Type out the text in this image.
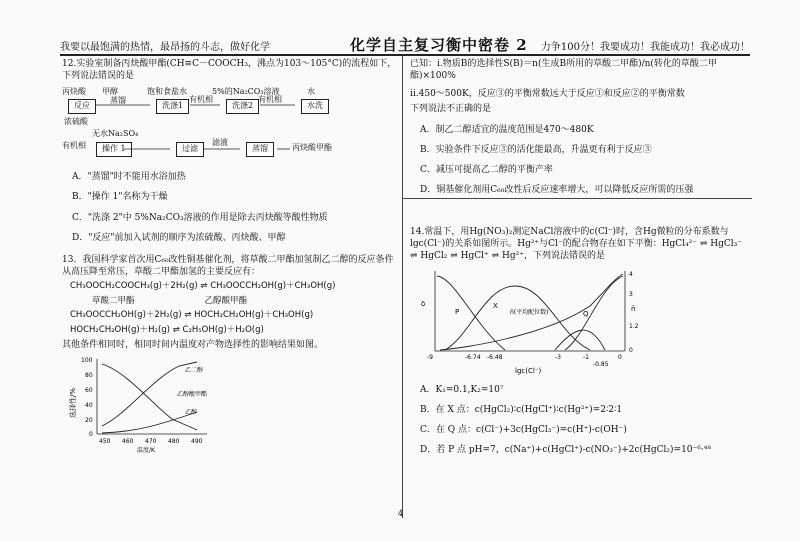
我要以最饱满的热情，最昂扬的斗志，做好化学	化学自主复习衡中密卷 2 力争100分！我要成功！我能成功！我必成功！
12.实验室制备丙炔酸甲酯(CH≡C－COOCH₃，沸点为103～105°C)的流程如下，下列说法错误的是
丙炔酸 甲醇
反应
浓硫酸
蒸馏
饱和食盐水	5%的Na₂CO₃溶液	水
洗涤1
有机相
洗涤2
有机相
水洗
无水Na₂SO₄
有机相	操作 1	过滤
滤液
蒸馏	丙炔酸甲酯
A．"蒸馏"时不能用水浴加热
B．"操作 1"名称为干燥
C．"洗涤 2"中 5%Na₂CO₃溶液的作用是除去丙炔酸等酸性物质
D．"反应"前加入试剂的顺序为浓硫酸、丙炔酸、甲醇
13．我国科学家首次用C₆₀改性铜基催化剂，将草酸二甲酯加氢制乙二醇的反应条件从高压降至常压，草酸二甲酯加氢的主要反应有：
CH₃OOCH₂COOCH₃(g)＋2H₂(g) ⇌ CH₃OOCCH₂OH(g)＋CH₃OH(g)
草酸二甲酯	乙醇酸甲酯
CH₃OOCCH₂OH(g)＋2H₂(g) ⇌ HOCH₂CH₂OH(g)＋CH₃OH(g)
HOCH₂CH₂OH(g)＋H₂(g) ⇌ C₂H₅OH(g)＋H₂O(g)
其他条件相同时，相同时间内温度对产物选择性的影响结果如图。
选择性/%
100
80
60
40
20
0
450 460 470 480 490
温度/K
乙二醇
乙醇酸甲酯
乙醇
已知：i.物质B的选择性S(B)＝n(生成B所用的草酸二甲酯)/n(转化的草酸二甲酯)×100%
ii.450～500K，反应③的平衡常数远大于反应①和反应②的平衡常数
下列说法不正确的是
A．制乙二醇适宜的温度范围是470～480K
B．实验条件下反应③的活化能最高，升温更有利于反应③
C．减压可提高乙二醇的平衡产率
D．铜基催化剂用C₆₀改性后反应速率增大，可以降低反应所需的压强
14.常温下，用Hg(NO₃)₂测定NaCl溶液中的c(Cl⁻)时，含Hg微粒的分布系数与lgc(Cl⁻)的关系如图所示。Hg²⁺与Cl⁻的配合物存在如下平衡：HgCl₄²⁻ ⇌ HgCl₃⁻ ⇌ HgCl₂ ⇌ HgCl⁺ ⇌ Hg²⁺，下列说法错误的是
δ
n̄
P
X
Q
n̄(平均配位数)
-9	-6.74 -6.48	-3	-1
-0.85
0
4
3
1.2
0
lgc(Cl⁻)
A．K₁=0.1,K₂=10⁷
B．在 X 点：c(HgCl₂)∶c(HgCl⁺)∶c(Hg²⁺)=2∶2∶1
C．在 Q 点：c(Cl⁻)+3c(HgCl₃⁻)=c(H⁺)-c(OH⁻)
D．若 P 点 pH=7，c(Na⁺)+c(HgCl⁺)-c(NO₃⁻)+2c(HgCl₂)=10⁻⁶·⁴⁸
4
